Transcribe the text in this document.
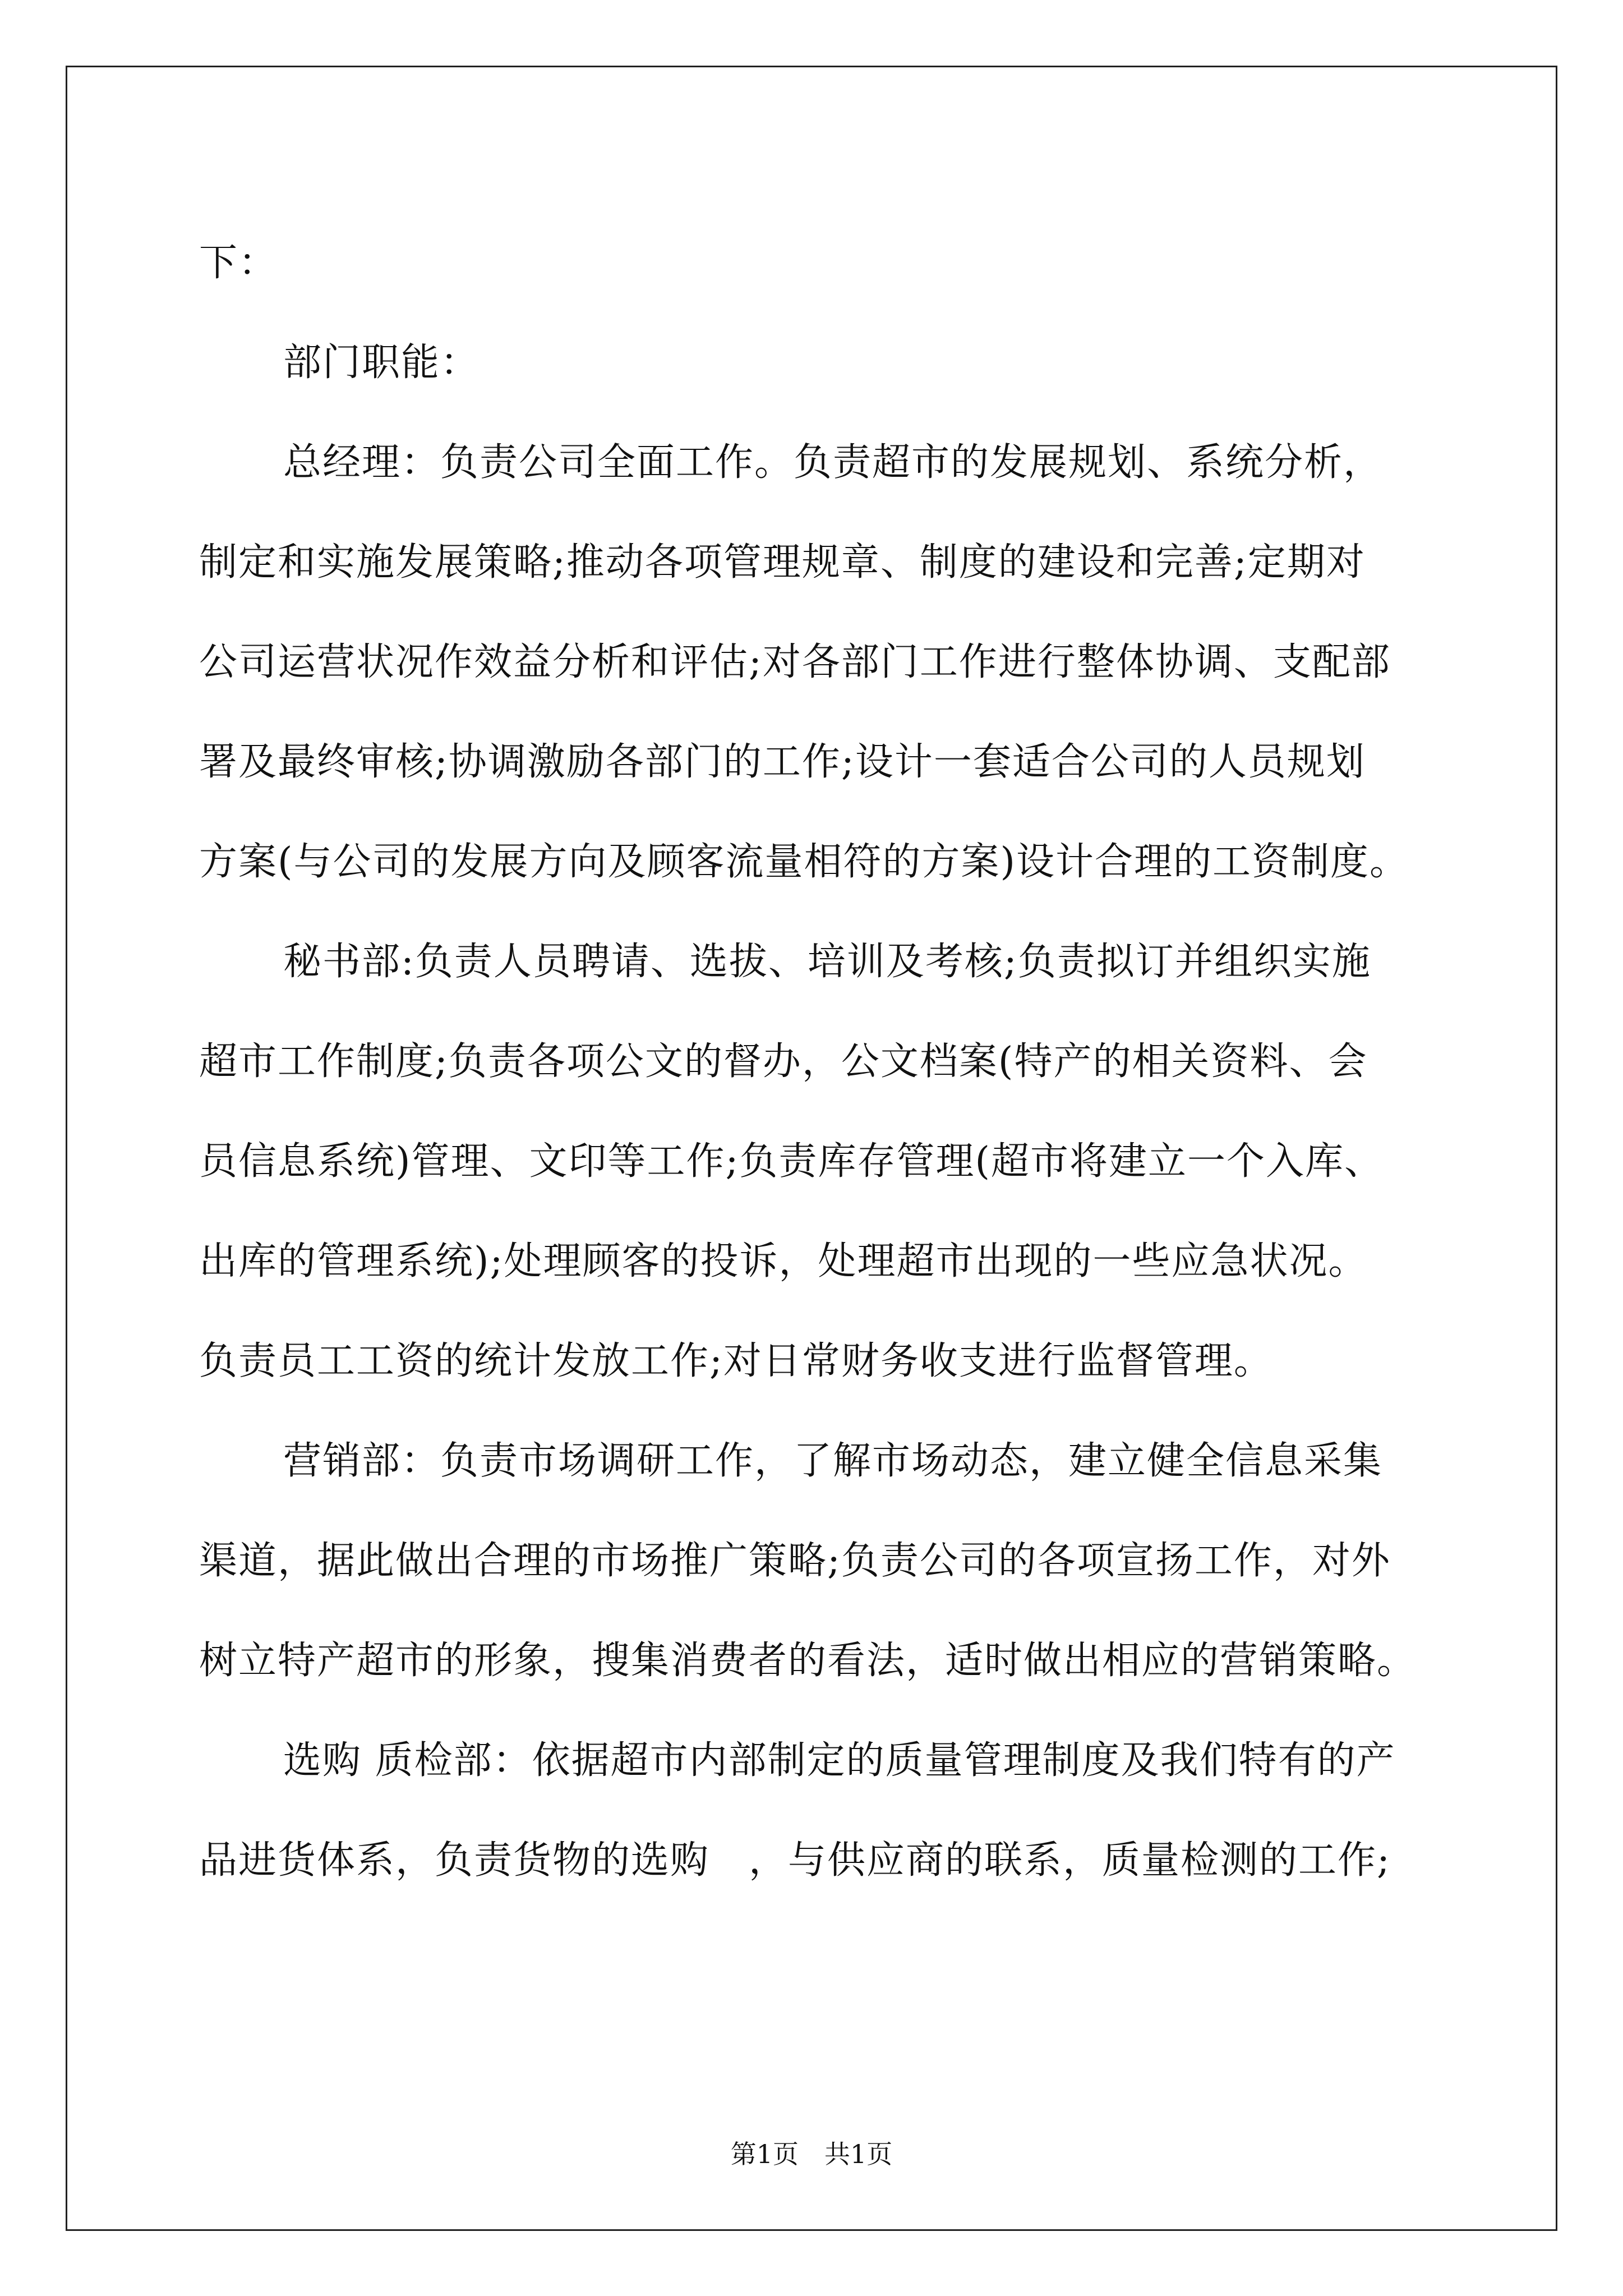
下：
部门职能：
总经理：负责公司全面工作。负责超市的发展规划、系统分析，
制定和实施发展策略;推动各项管理规章、制度的建设和完善;定期对
公司运营状况作效益分析和评估;对各部门工作进行整体协调、支配部
署及最终审核;协调激励各部门的工作;设计一套适合公司的人员规划
方案(与公司的发展方向及顾客流量相符的方案)设计合理的工资制度。
秘书部:负责人员聘请、选拔、培训及考核;负责拟订并组织实施
超市工作制度;负责各项公文的督办，公文档案(特产的相关资料、会
员信息系统)管理、文印等工作;负责库存管理(超市将建立一个入库、
出库的管理系统);处理顾客的投诉，处理超市出现的一些应急状况。
负责员工工资的统计发放工作;对日常财务收支进行监督管理。
营销部：负责市场调研工作，了解市场动态，建立健全信息采集
渠道，据此做出合理的市场推广策略;负责公司的各项宣扬工作，对外
树立特产超市的形象，搜集消费者的看法，适时做出相应的营销策略。
选购 质检部：依据超市内部制定的质量管理制度及我们特有的产
品进货体系，负责货物的选购　，与供应商的联系，质量检测的工作;
第1页　共1页
